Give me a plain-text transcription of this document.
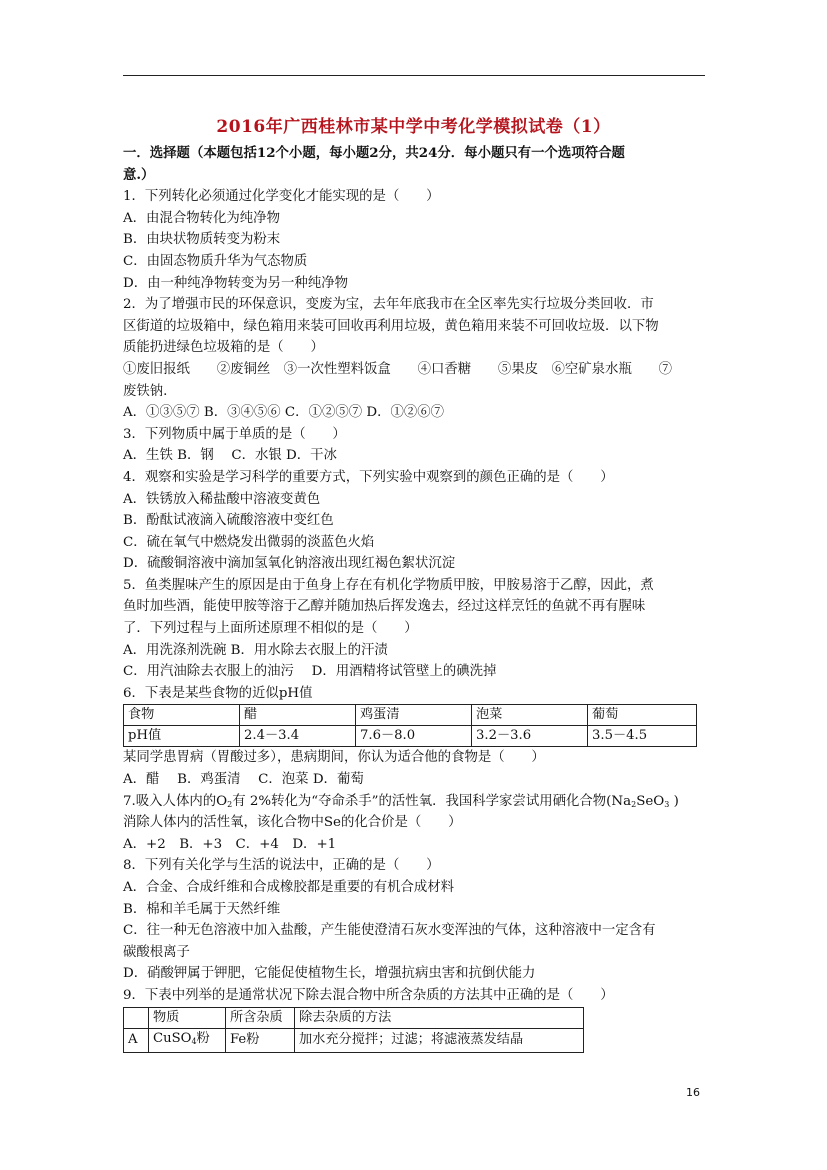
2016年广西桂林市某中学中考化学模拟试卷（1）
一．选择题（本题包括12个小题，每小题2分，共24分．每小题只有一个选项符合题
意.）
1．下列转化必须通过化学变化才能实现的是（　　）
A．由混合物转化为纯净物
B．由块状物质转变为粉末
C．由固态物质升华为气态物质
D．由一种纯净物转变为另一种纯净物
2．为了增强市民的环保意识，变废为宝，去年年底我市在全区率先实行垃圾分类回收．市
区街道的垃圾箱中，绿色箱用来装可回收再利用垃圾，黄色箱用来装不可回收垃圾．以下物
质能扔进绿色垃圾箱的是（　　）
①废旧报纸　　②废铜丝　③一次性塑料饭盒　　④口香糖　　⑤果皮　⑥空矿泉水瓶　　⑦
废铁钠.
A．①③⑤⑦ B．③④⑤⑥ C．①②⑤⑦ D．①②⑥⑦
3．下列物质中属于单质的是（　　）
A．生铁 B．钢　 C．水银 D．干冰
4．观察和实验是学习科学的重要方式，下列实验中观察到的颜色正确的是（　　）
A．铁锈放入稀盐酸中溶液变黄色
B．酚酞试液滴入硫酸溶液中变红色
C．硫在氧气中燃烧发出微弱的淡蓝色火焰
D．硫酸铜溶液中滴加氢氧化钠溶液出现红褐色絮状沉淀
5．鱼类腥味产生的原因是由于鱼身上存在有机化学物质甲胺，甲胺易溶于乙醇，因此，煮
鱼时加些酒，能使甲胺等溶于乙醇并随加热后挥发逸去，经过这样烹饪的鱼就不再有腥味
了．下列过程与上面所述原理不相似的是（　　）
A．用洗涤剂洗碗 B．用水除去衣服上的汗渍
C．用汽油除去衣服上的油污　 D．用酒精将试管壁上的碘洗掉
6．下表是某些食物的近似pH值
食物	醋	鸡蛋清	泡菜	葡萄
pH值	2.4－3.4	7.6－8.0	3.2－3.6	3.5－4.5
某同学患胃病（胃酸过多），患病期间，你认为适合他的食物是（　　）
A．醋　 B．鸡蛋清　 C．泡菜 D．葡萄
7.吸入人体内的$O_2$有 2%转化为“夺命杀手”的活性氧．我国科学家尝试用硒化合物($Na_2SeO_3$ )
消除人体内的活性氧，该化合物中Se的化合价是（　　）
A．+2　B．+3　C．+4　D．+1
8．下列有关化学与生活的说法中，正确的是（　　）
A．合金、合成纤维和合成橡胶都是重要的有机合成材料
B．棉和羊毛属于天然纤维
C．往一种无色溶液中加入盐酸，产生能使澄清石灰水变浑浊的气体，这种溶液中一定含有
碳酸根离子
D．硝酸钾属于钾肥，它能促使植物生长，增强抗病虫害和抗倒伏能力
9．下表中列举的是通常状况下除去混合物中所含杂质的方法其中正确的是（　　）
	物质	所含杂质	除去杂质的方法
A	CuSO$_4$粉	Fe粉	加水充分搅拌；过滤；将滤液蒸发结晶
16
